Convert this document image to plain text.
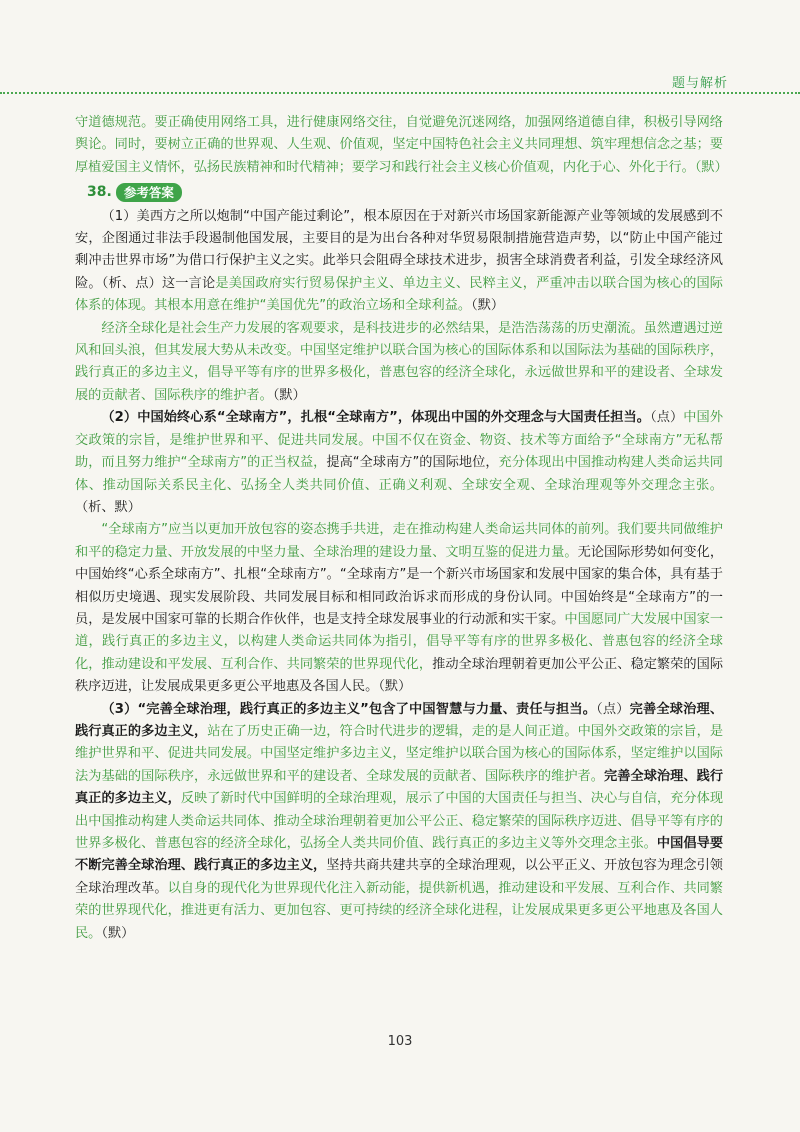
题与解析

守道德规范。要正确使用网络工具，进行健康网络交往，自觉避免沉迷网络，加强网络道德自律，积极引导网络舆论。同时，要树立正确的世界观、人生观、价值观，坚定中国特色社会主义共同理想、筑牢理想信念之基；要厚植爱国主义情怀，弘扬民族精神和时代精神；要学习和践行社会主义核心价值观，内化于心、外化于行。（默）

38. 参考答案

（1）美西方之所以炮制“中国产能过剩论”，根本原因在于对新兴市场国家新能源产业等领域的发展感到不安，企图通过非法手段遏制他国发展，主要目的是为出台各种对华贸易限制措施营造声势，以“防止中国产能过剩冲击世界市场”为借口行保护主义之实。此举只会阻碍全球技术进步，损害全球消费者利益，引发全球经济风险。（析、点）这一言论是美国政府实行贸易保护主义、单边主义、民粹主义，严重冲击以联合国为核心的国际体系的体现。其根本用意在维护“美国优先”的政治立场和全球利益。（默）

经济全球化是社会生产力发展的客观要求，是科技进步的必然结果，是浩浩荡荡的历史潮流。虽然遭遇过逆风和回头浪，但其发展大势从未改变。中国坚定维护以联合国为核心的国际体系和以国际法为基础的国际秩序，践行真正的多边主义，倡导平等有序的世界多极化，普惠包容的经济全球化，永远做世界和平的建设者、全球发展的贡献者、国际秩序的维护者。（默）

（2）中国始终心系“全球南方”，扎根“全球南方”，体现出中国的外交理念与大国责任担当。（点）中国外交政策的宗旨，是维护世界和平、促进共同发展。中国不仅在资金、物资、技术等方面给予“全球南方”无私帮助，而且努力维护“全球南方”的正当权益，提高“全球南方”的国际地位，充分体现出中国推动构建人类命运共同体、推动国际关系民主化、弘扬全人类共同价值、正确义利观、全球安全观、全球治理观等外交理念主张。（析、默）

“全球南方”应当以更加开放包容的姿态携手共进，走在推动构建人类命运共同体的前列。我们要共同做维护和平的稳定力量、开放发展的中坚力量、全球治理的建设力量、文明互鉴的促进力量。无论国际形势如何变化，中国始终“心系全球南方”、扎根“全球南方”。“全球南方”是一个新兴市场国家和发展中国家的集合体，具有基于相似历史境遇、现实发展阶段、共同发展目标和相同政治诉求而形成的身份认同。中国始终是“全球南方”的一员，是发展中国家可靠的长期合作伙伴，也是支持全球发展事业的行动派和实干家。中国愿同广大发展中国家一道，践行真正的多边主义，以构建人类命运共同体为指引，倡导平等有序的世界多极化、普惠包容的经济全球化，推动建设和平发展、互利合作、共同繁荣的世界现代化，推动全球治理朝着更加公平公正、稳定繁荣的国际秩序迈进，让发展成果更多更公平地惠及各国人民。（默）

（3）“完善全球治理，践行真正的多边主义”包含了中国智慧与力量、责任与担当。（点）完善全球治理、践行真正的多边主义，站在了历史正确一边，符合时代进步的逻辑，走的是人间正道。中国外交政策的宗旨，是维护世界和平、促进共同发展。中国坚定维护多边主义，坚定维护以联合国为核心的国际体系，坚定维护以国际法为基础的国际秩序，永远做世界和平的建设者、全球发展的贡献者、国际秩序的维护者。完善全球治理、践行真正的多边主义，反映了新时代中国鲜明的全球治理观，展示了中国的大国责任与担当、决心与自信，充分体现出中国推动构建人类命运共同体、推动全球治理朝着更加公平公正、稳定繁荣的国际秩序迈进、倡导平等有序的世界多极化、普惠包容的经济全球化，弘扬全人类共同价值、践行真正的多边主义等外交理念主张。中国倡导要不断完善全球治理、践行真正的多边主义，坚持共商共建共享的全球治理观，以公平正义、开放包容为理念引领全球治理改革。以自身的现代化为世界现代化注入新动能，提供新机遇，推动建设和平发展、互利合作、共同繁荣的世界现代化，推进更有活力、更加包容、更可持续的经济全球化进程，让发展成果更多更公平地惠及各国人民。（默）

103
